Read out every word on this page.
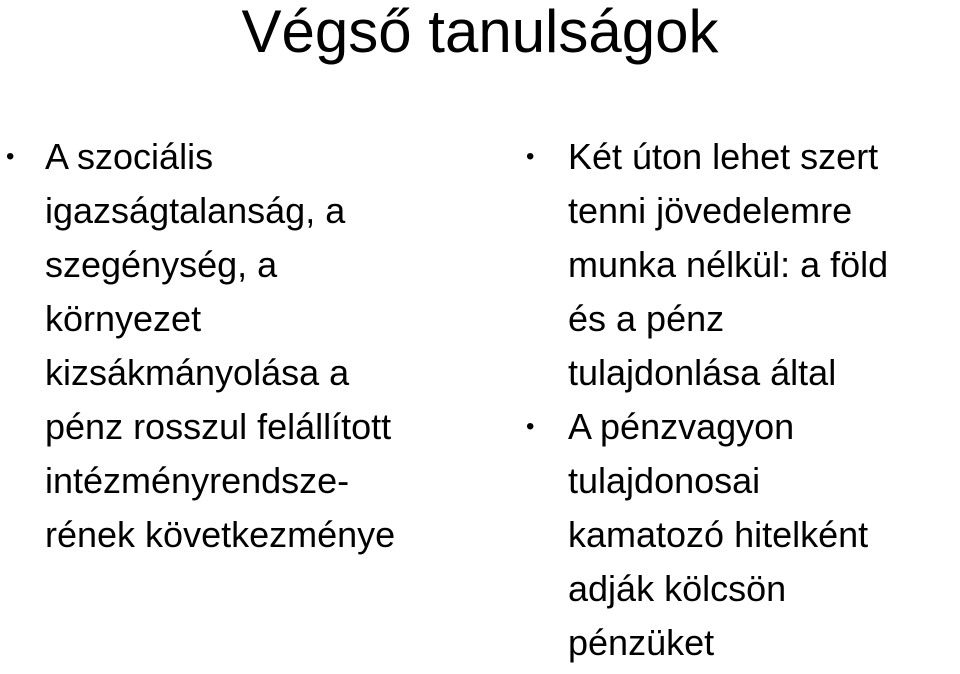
Végső tanulságok
• A szociális
igazságtalanság, a
szegénység, a
környezet
kizsákmányolása a
pénz rosszul felállított
intézményrendsze-
rének következménye
• Két úton lehet szert
tenni jövedelemre
munka nélkül: a föld
és a pénz
tulajdonlása által
• A pénzvagyon
tulajdonosai
kamatozó hitelként
adják kölcsön
pénzüket
